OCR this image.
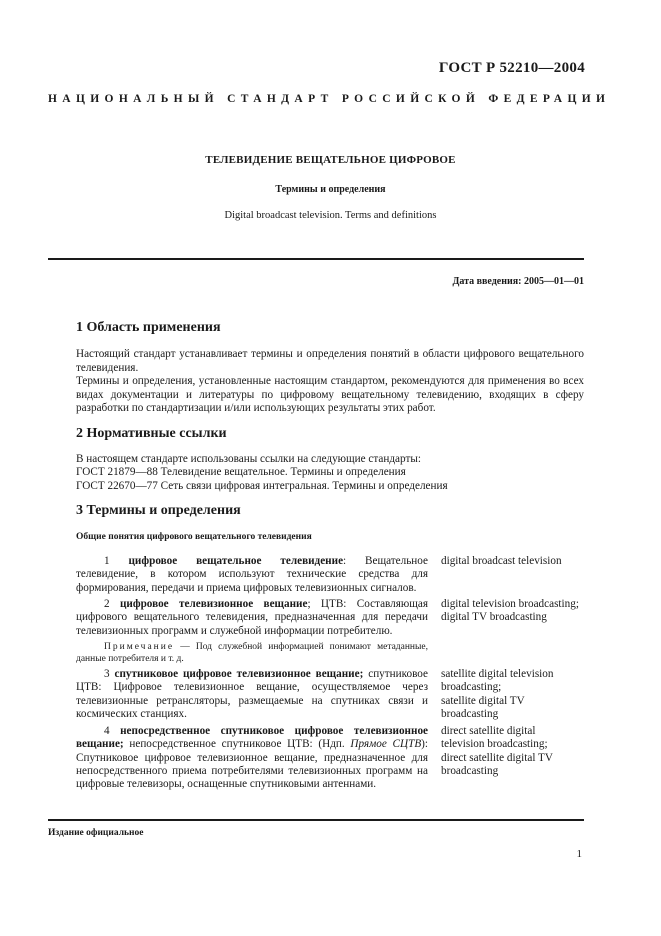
ГОСТ Р 52210—2004
НАЦИОНАЛЬНЫЙ СТАНДАРТ РОССИЙСКОЙ ФЕДЕРАЦИИ
ТЕЛЕВИДЕНИЕ ВЕЩАТЕЛЬНОЕ ЦИФРОВОЕ
Термины и определения
Digital broadcast television. Terms and definitions
Дата введения: 2005—01—01
1 Область применения

Настоящий стандарт устанавливает термины и определения понятий в области цифрового вещательного телевидения.

Термины и определения, установленные настоящим стандартом, рекомендуются для применения во всех видах документации и литературы по цифровому вещательному телевидению, входящих в сферу разработки по стандартизации и/или использующих результаты этих работ.

2 Нормативные ссылки
В настоящем стандарте использованы ссылки на следующие стандарты:
ГОСТ 21879—88 Телевидение вещательное. Термины и определения
ГОСТ 22670—77 Сеть связи цифровая интегральная. Термины и определения
3 Термины и определения
Общие понятия цифрового вещательного телевидения

1 цифровое вещательное телевидение: Вещательное телевидение, в котором используют технические средства для формирования, передачи и приема цифровых телевизионных сигналов.

digital broadcast television

2 цифровое телевизионное вещание; ЦТВ: Составляющая цифрового вещательного телевидения, предназначенная для передачи телевизионных программ и служебной информации потребителю.

digital television broadcasting;
digital TV broadcasting

Примечание — Под служебной информацией понимают метаданные, данные потребителя и т. д.

3 спутниковое цифровое телевизионное вещание; спутниковое ЦТВ: Цифровое телевизионное вещание, осуществляемое через телевизионные ретрансляторы, размещаемые на спутниках связи и космических станциях.

satellite digital television broadcasting;
satellite digital TV broadcasting

4 непосредственное спутниковое цифровое телевизионное вещание; непосредственное спутниковое ЦТВ: (Ндп. Прямое СЦТВ): Спутниковое цифровое телевизионное вещание, предназначенное для непосредственного приема потребителями телевизионных программ на цифровые телевизоры, оснащенные спутниковыми антеннами.

direct satellite digital television broadcasting;
direct satellite digital TV broadcasting
Издание официальное
1
